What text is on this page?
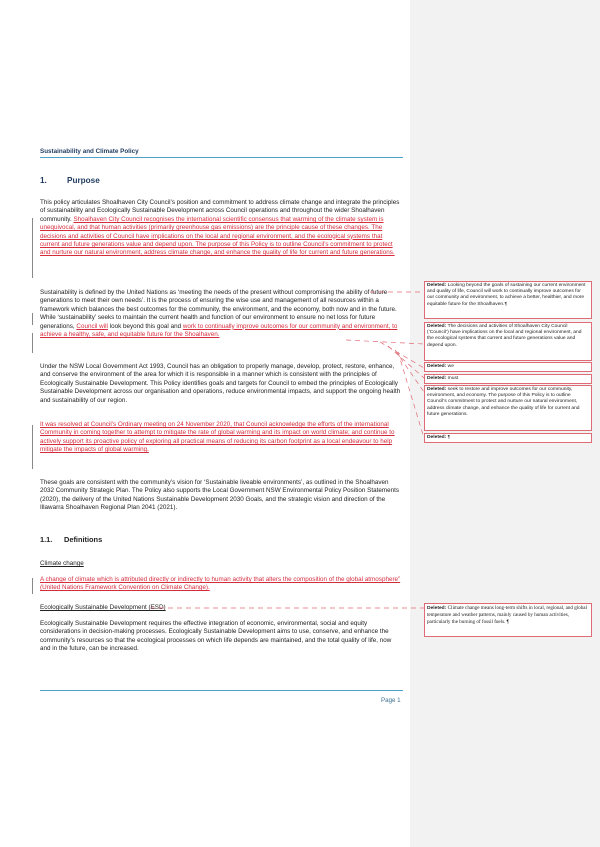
Sustainability and Climate Policy
1. Purpose
This policy articulates Shoalhaven City Council’s position and commitment to address climate change and integrate the principles of sustainability and Ecologically Sustainable Development across Council operations and throughout the wider Shoalhaven community. Shoalhaven City Council recognises the international scientific consensus that warming of the climate system is unequivocal, and that human activities (primarily greenhouse gas emissions) are the principle cause of these changes. The decisions and activities of Council have implications on the local and regional environment, and the ecological systems that current and future generations value and depend upon. The purpose of this Policy is to outline Council’s commitment to protect and nurture our natural environment, address climate change, and enhance the quality of life for current and future generations.
Sustainability is defined by the United Nations as ‘meeting the needs of the present without compromising the ability of future generations to meet their own needs’. It is the process of ensuring the wise use and management of all resources within a framework which balances the best outcomes for the community, the environment, and the economy, both now and in the future. While ‘sustainability’ seeks to maintain the current health and function of our environment to ensure no net loss for future generations, Council will look beyond this goal and work to continually improve outcomes for our community and environment, to achieve a healthy, safe, and equitable future for the Shoalhaven.
Under the NSW Local Government Act 1993, Council has an obligation to properly manage, develop, protect, restore, enhance, and conserve the environment of the area for which it is responsible in a manner which is consistent with the principles of Ecologically Sustainable Development. This Policy identifies goals and targets for Council to embed the principles of Ecologically Sustainable Development across our organisation and operations, reduce environmental impacts, and support the ongoing health and sustainability of our region.
It was resolved at Council’s Ordinary meeting on 24 November 2020, that Council acknowledge the efforts of the international Community in coming together to attempt to mitigate the rate of global warming and its impact on world climate; and continue to actively support its proactive policy of exploring all practical means of reducing its carbon footprint as a local endeavour to help mitigate the impacts of global warming.
These goals are consistent with the community’s vision for ‘Sustainable liveable environments’, as outlined in the Shoalhaven 2032 Community Strategic Plan. The Policy also supports the Local Government NSW Environmental Policy Position Statements (2020), the delivery of the United Nations Sustainable Development 2030 Goals, and the strategic vision and direction of the Illawarra Shoalhaven Regional Plan 2041 (2021).
1.1. Definitions
Climate change
A change of climate which is attributed directly or indirectly to human activity that alters the composition of the global atmosphere” (United Nations Framework Convention on Climate Change).
Ecologically Sustainable Development (ESD)
Ecologically Sustainable Development requires the effective integration of economic, environmental, social and equity considerations in decision-making processes. Ecologically Sustainable Development aims to use, conserve, and enhance the community’s resources so that the ecological processes on which life depends are maintained, and the total quality of life, now and in the future, can be increased.
Page 1
Deleted: Looking beyond the goals of sustaining our current environment and quality of life, Council will work to continually improve outcomes for our community and environment, to achieve a better, healthier, and more equitable future for the Shoalhaven.¶
Deleted: The decisions and activities of Shoalhaven City Council (‘Council’) have implications on the local and regional environment, and the ecological systems that current and future generations value and depend upon.
Deleted: we
Deleted: must
Deleted: seek to restore and improve outcomes for our community, environment, and economy. The purpose of this Policy is to outline Council’s commitment to protect and nurture our natural environment, address climate change, and enhance the quality of life for current and future generations.
Deleted: ¶
Deleted: Climate change means long-term shifts in local, regional, and global temperature and weather patterns, mainly caused by human activities, particularly the burning of fossil fuels. ¶
